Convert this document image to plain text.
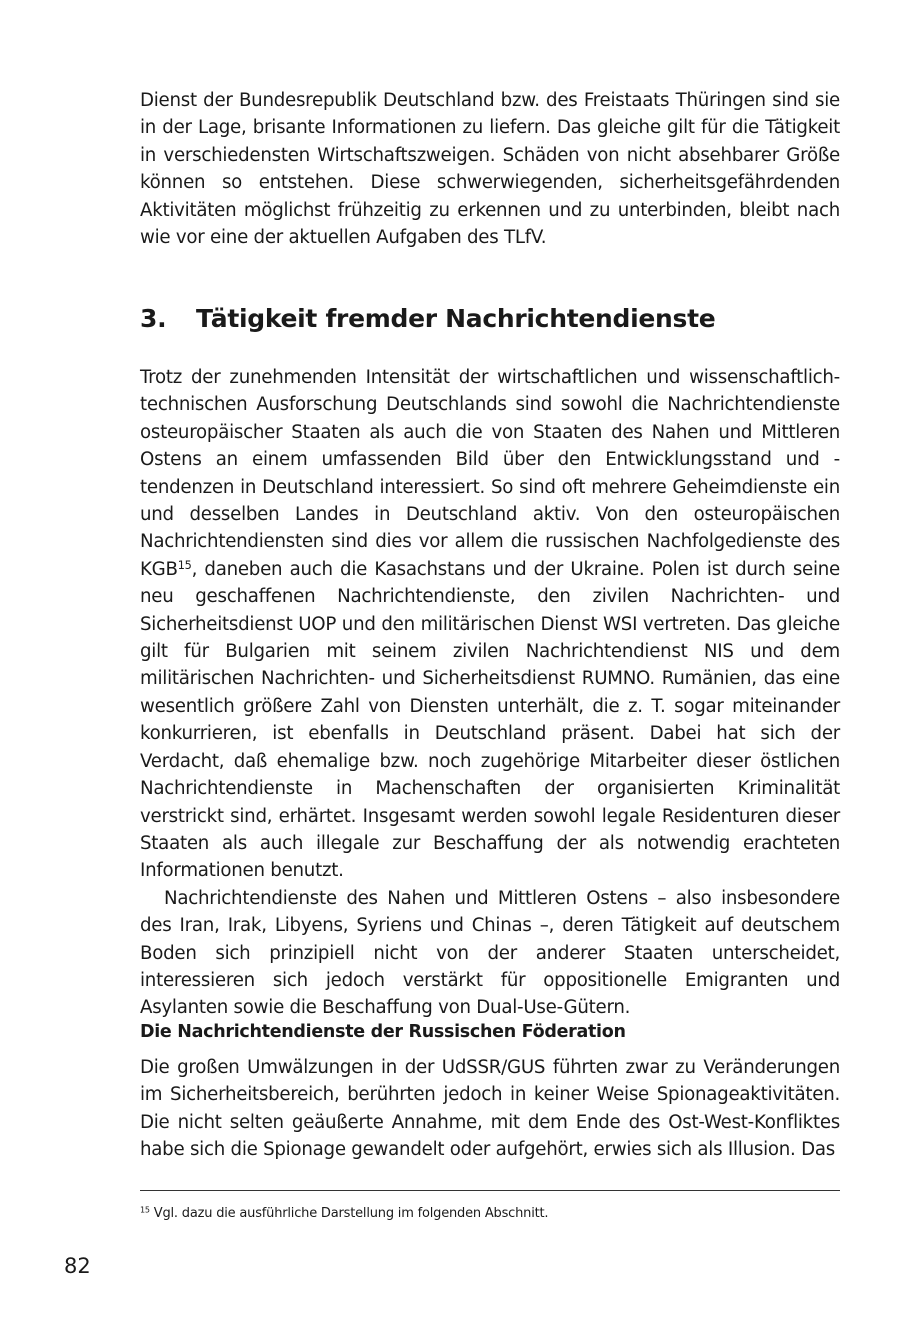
Dienst der Bundesrepublik Deutschland bzw. des Freistaats Thüringen sind sie in der Lage, brisante Informationen zu liefern. Das gleiche gilt für die Tätigkeit in verschiedensten Wirtschaftszweigen. Schäden von nicht absehbarer Größe können so entstehen. Diese schwerwiegenden, sicherheitsgefährdenden Aktivitäten möglichst frühzeitig zu erkennen und zu unterbinden, bleibt nach wie vor eine der aktuellen Aufgaben des TLfV.

3. Tätigkeit fremder Nachrichtendienste

Trotz der zunehmenden Intensität der wirtschaftlichen und wissenschaftlich-technischen Ausforschung Deutschlands sind sowohl die Nachrichtendienste osteuropäischer Staaten als auch die von Staaten des Nahen und Mittleren Ostens an einem umfassenden Bild über den Entwicklungsstand und -tendenzen in Deutschland interessiert. So sind oft mehrere Geheimdienste ein und desselben Landes in Deutschland aktiv. Von den osteuropäischen Nachrichtendiensten sind dies vor allem die russischen Nachfolgedienste des KGB$^{15}$, daneben auch die Kasachstans und der Ukraine. Polen ist durch seine neu geschaffenen Nachrichtendienste, den zivilen Nachrichten- und Sicherheitsdienst UOP und den militärischen Dienst WSI vertreten. Das gleiche gilt für Bulgarien mit seinem zivilen Nachrichtendienst NIS und dem militärischen Nachrichten- und Sicherheitsdienst RUMNO. Rumänien, das eine wesentlich größere Zahl von Diensten unterhält, die z. T. sogar miteinander konkurrieren, ist ebenfalls in Deutschland präsent. Dabei hat sich der Verdacht, daß ehemalige bzw. noch zugehörige Mitarbeiter dieser östlichen Nachrichtendienste in Machenschaften der organisierten Kriminalität verstrickt sind, erhärtet. Insgesamt werden sowohl legale Residenturen dieser Staaten als auch illegale zur Beschaffung der als notwendig erachteten Informationen benutzt.

Nachrichtendienste des Nahen und Mittleren Ostens – also insbesondere des Iran, Irak, Libyens, Syriens und Chinas –, deren Tätigkeit auf deutschem Boden sich prinzipiell nicht von der anderer Staaten unterscheidet, interessieren sich jedoch verstärkt für oppositionelle Emigranten und Asylanten sowie die Beschaffung von Dual-Use-Gütern.

Die Nachrichtendienste der Russischen Föderation

Die großen Umwälzungen in der UdSSR/GUS führten zwar zu Veränderungen im Sicherheitsbereich, berührten jedoch in keiner Weise Spionageaktivitäten. Die nicht selten geäußerte Annahme, mit dem Ende des Ost-West-Konfliktes habe sich die Spionage gewandelt oder aufgehört, erwies sich als Illusion. Das

$^{15}$ Vgl. dazu die ausführliche Darstellung im folgenden Abschnitt.

82
